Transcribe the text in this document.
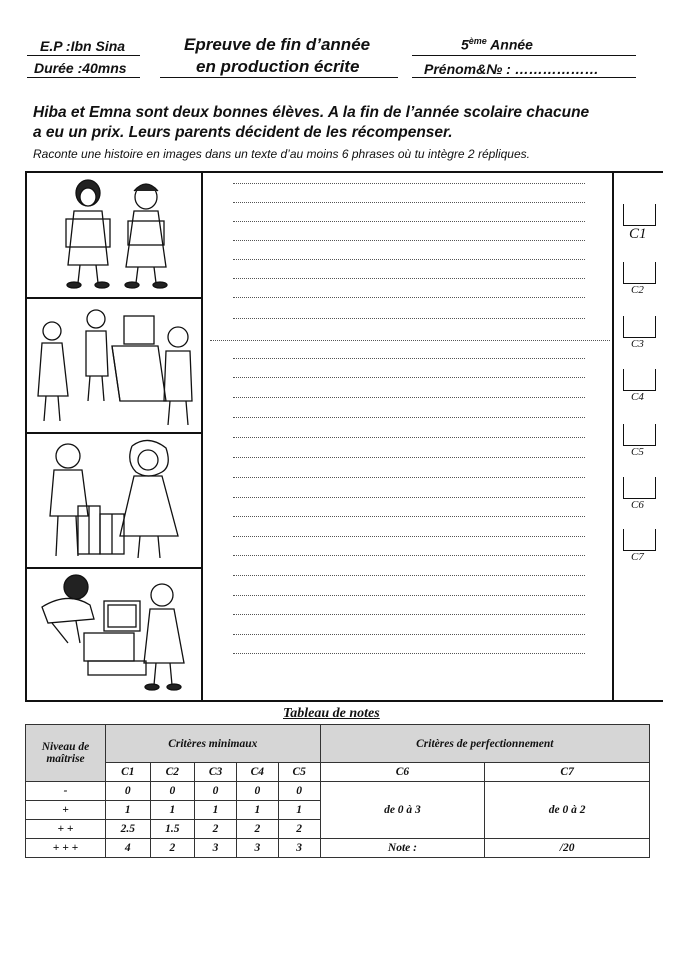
E.P :Ibn Sina
Durée :40mns
Epreuve de fin d’année
en production écrite
5ème Année
Prénom&№ : ………………
Hiba et Emna sont deux bonnes élèves. A la fin de l’année scolaire chacune
a eu un prix. Leurs parents décident de les récompenser.
Raconte une histoire en images dans un texte d’au moins 6 phrases où tu intègre 2 répliques.
C1
C2
C3
C4
C5
C6
C7
Tableau de notes
Niveau de maîtrise	Critères minimaux					Critères de perfectionnement	
	C1	C2	C3	C4	C5	C6	C7
-	0	0	0	0	0	de 0 à 3	de 0 à 2
+	1	1	1	1	1		
+ +	2.5	1.5	2	2	2		
+ + +	4	2	3	3	3	Note :	/20
